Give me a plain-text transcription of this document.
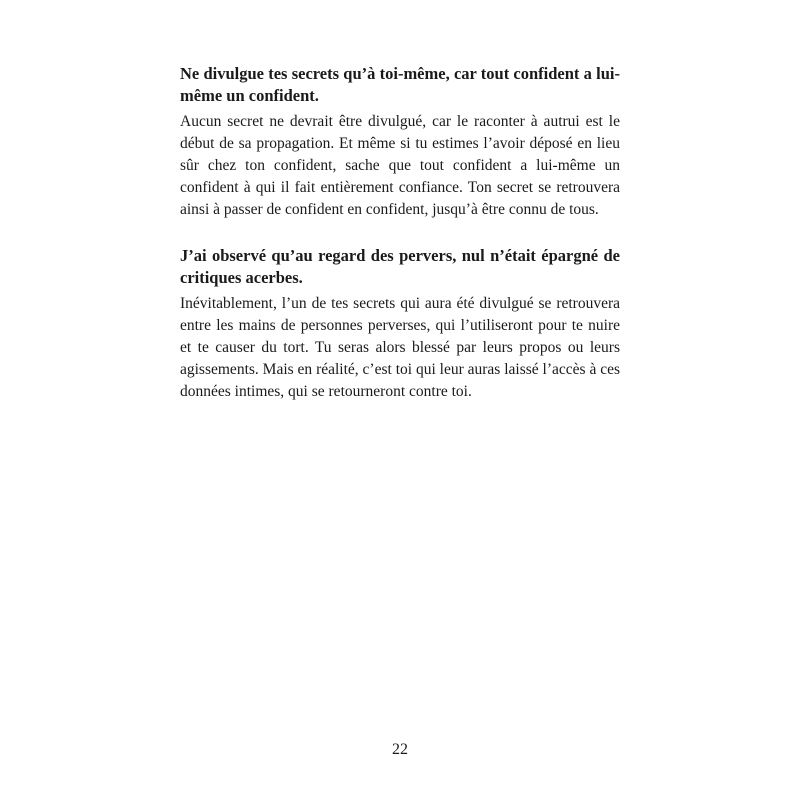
Ne divulgue tes secrets qu’à toi-même, car tout confident a lui-même un confident.

Aucun secret ne devrait être divulgué, car le raconter à autrui est le début de sa propagation. Et même si tu estimes l’avoir déposé en lieu sûr chez ton confident, sache que tout confident a lui-même un confident à qui il fait entièrement confiance. Ton secret se retrouvera ainsi à passer de confident en confident, jusqu’à être connu de tous.

J’ai observé qu’au regard des pervers, nul n’était épargné de critiques acerbes.

Inévitablement, l’un de tes secrets qui aura été divulgué se retrouvera entre les mains de personnes perverses, qui l’utiliseront pour te nuire et te causer du tort. Tu seras alors blessé par leurs propos ou leurs agissements. Mais en réalité, c’est toi qui leur auras laissé l’accès à ces données intimes, qui se retourneront contre toi.

22
